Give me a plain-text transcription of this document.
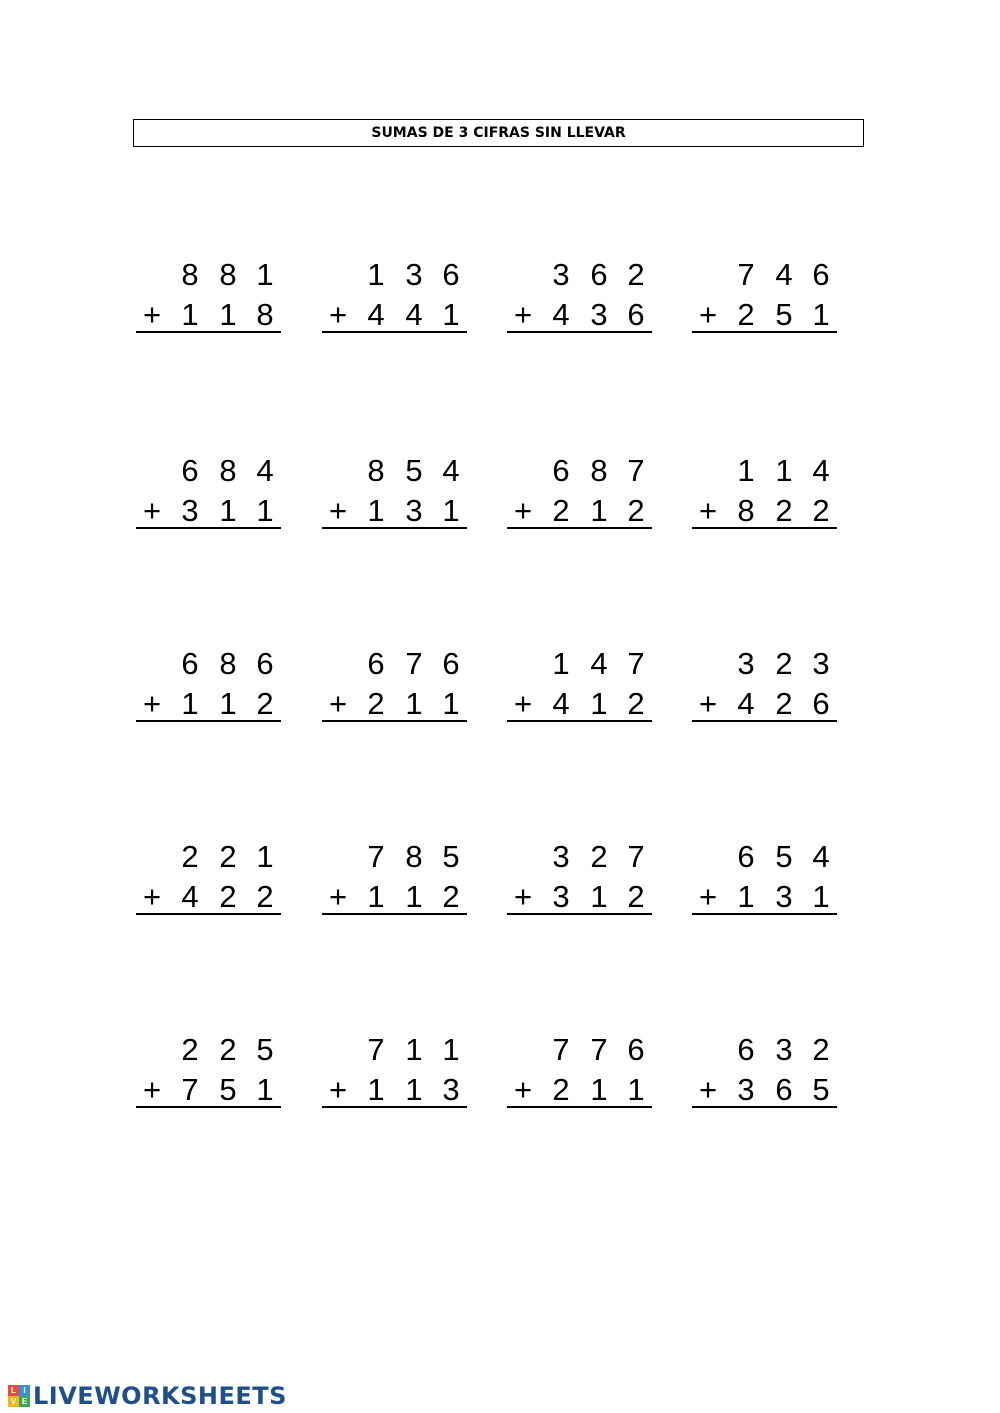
SUMAS DE 3 CIFRAS SIN LLEVAR
8 8 1
+ 1 1 8
1 3 6
+ 4 4 1
3 6 2
+ 4 3 6
7 4 6
+ 2 5 1
6 8 4
+ 3 1 1
8 5 4
+ 1 3 1
6 8 7
+ 2 1 2
1 1 4
+ 8 2 2
6 8 6
+ 1 1 2
6 7 6
+ 2 1 1
1 4 7
+ 4 1 2
3 2 3
+ 4 2 6
2 2 1
+ 4 2 2
7 8 5
+ 1 1 2
3 2 7
+ 3 1 2
6 5 4
+ 1 3 1
2 2 5
+ 7 5 1
7 1 1
+ 1 1 3
7 7 6
+ 2 1 1
6 3 2
+ 3 6 5
L I
V E LIVEWORKSHEETS
